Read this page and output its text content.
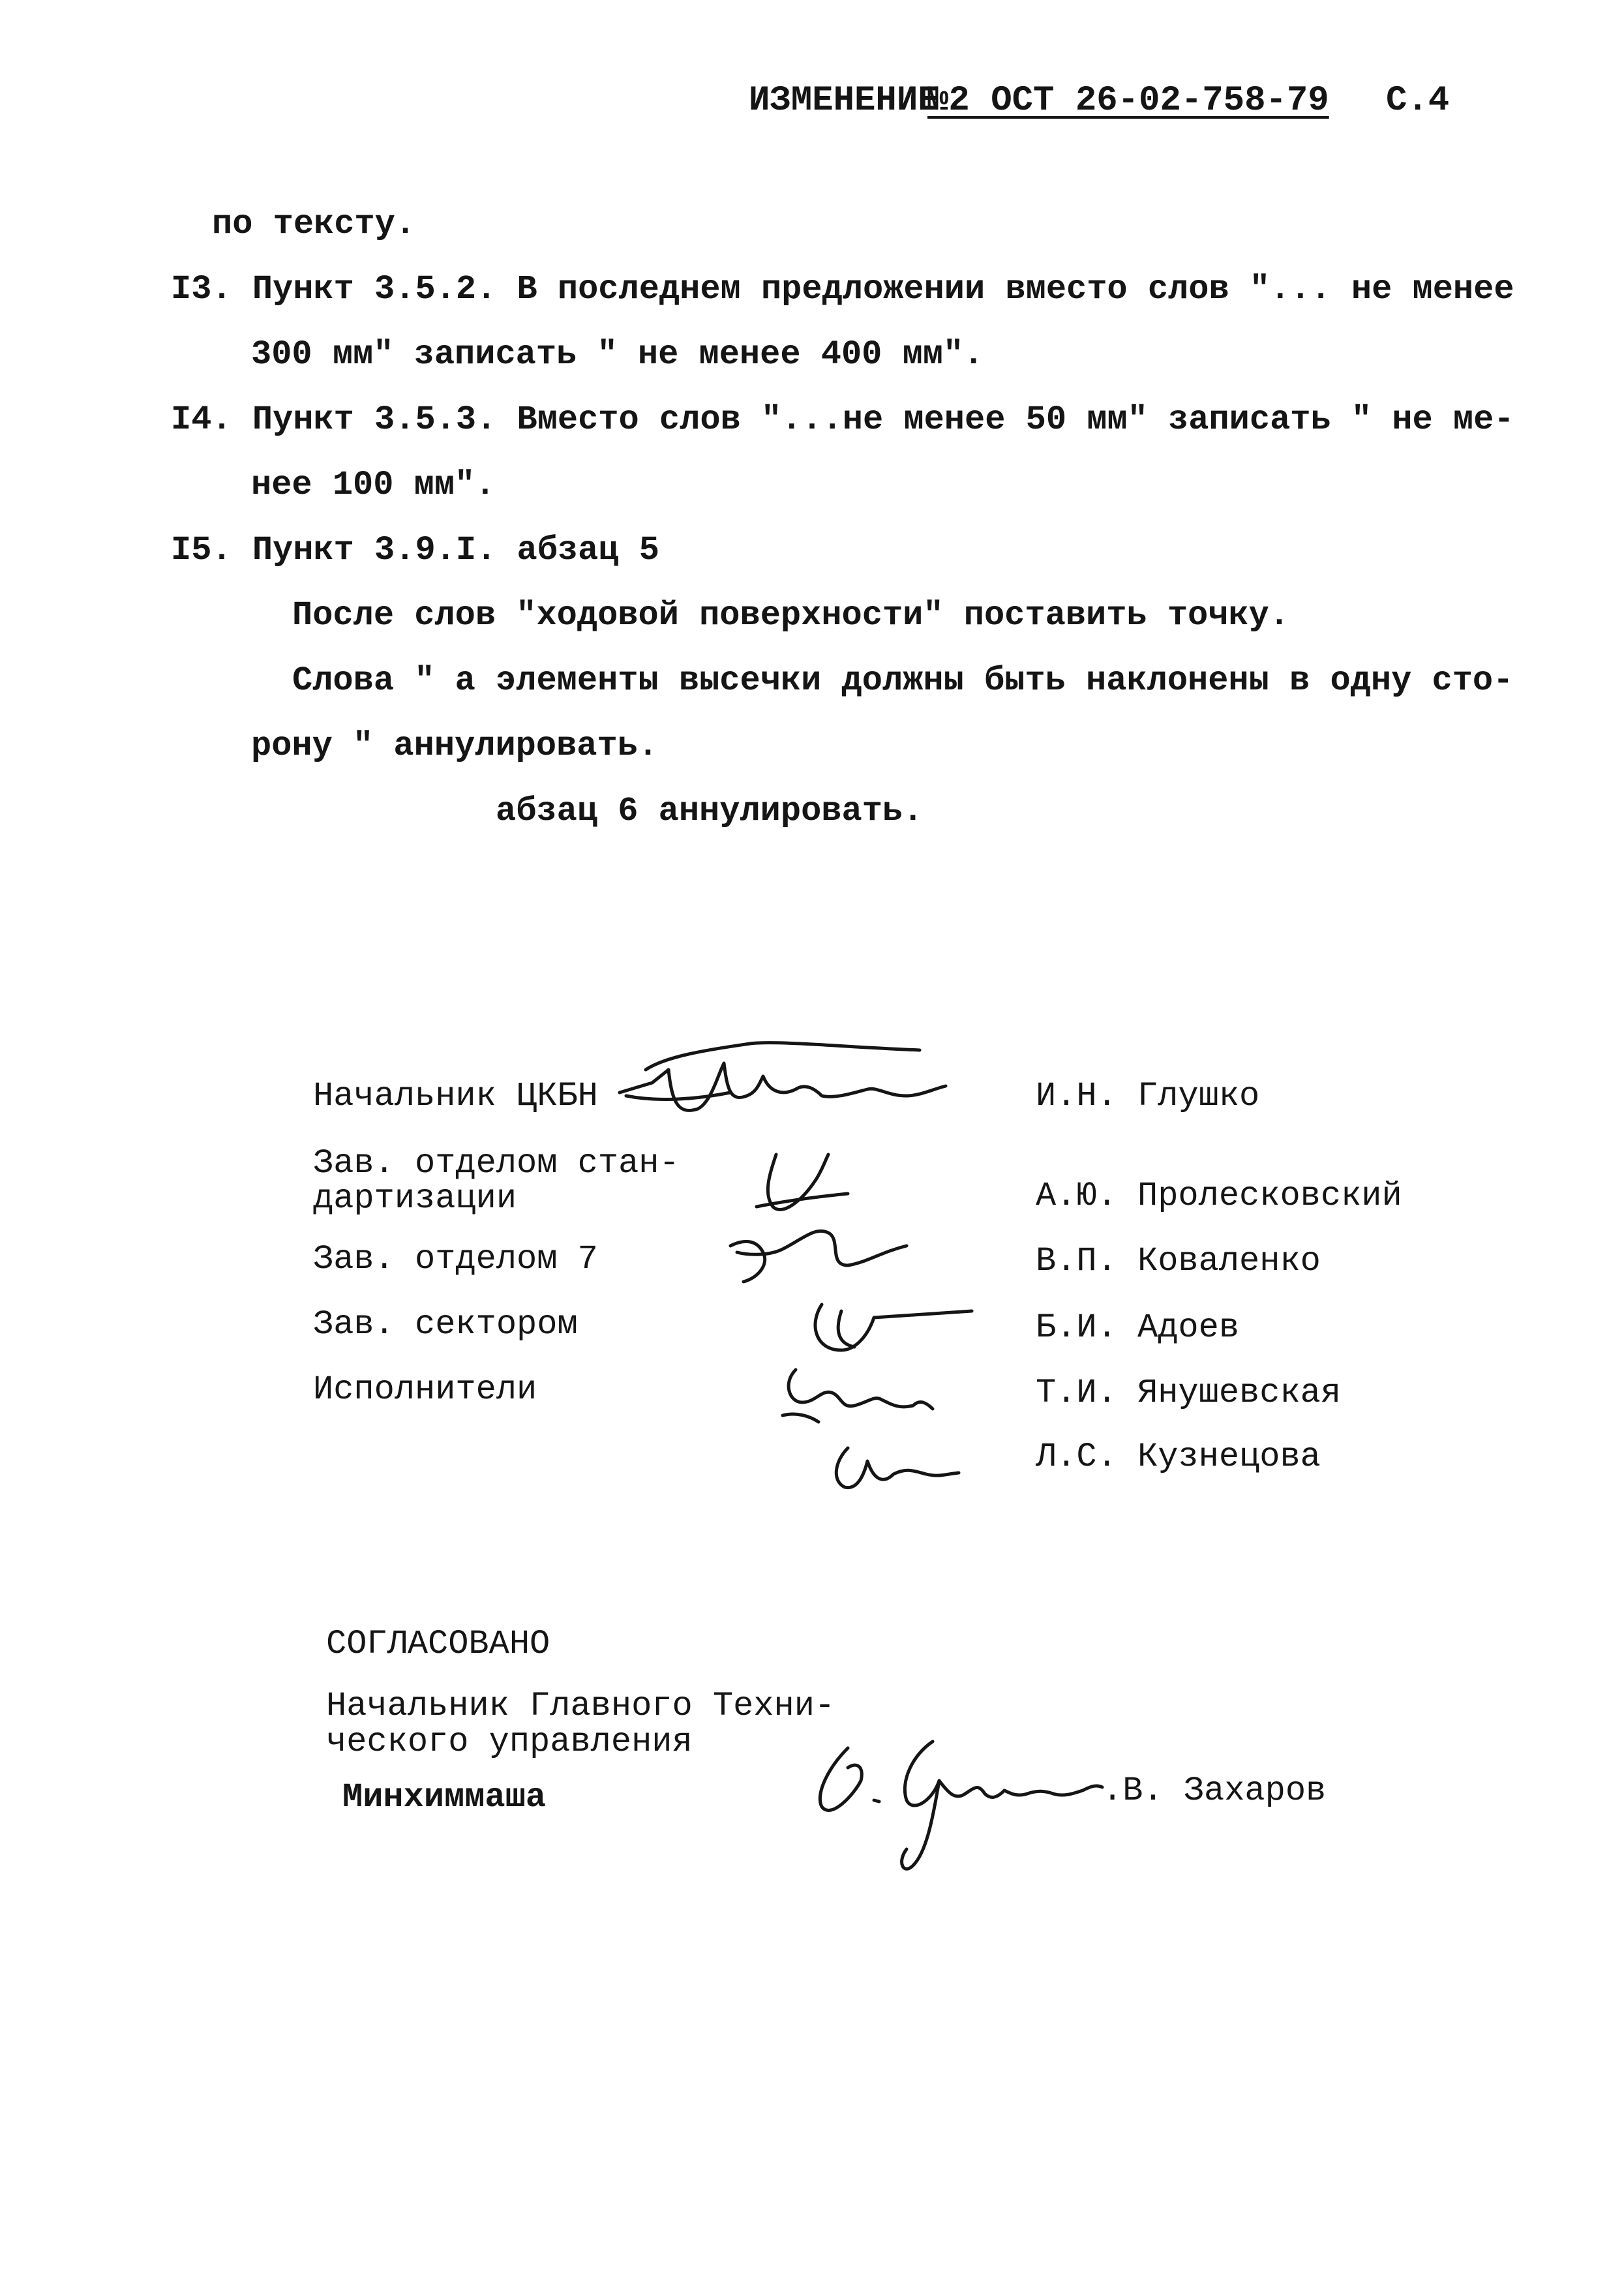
ИЗМЕНЕНИЕ
№2 ОСТ 26-02-758-79 С.4
по тексту.
I3. Пункт 3.5.2. В последнем предложении вместо слов "... не менее
300 мм" записать " не менее 400 мм".
I4. Пункт 3.5.3. Вместо слов "...не менее 50 мм" записать " не ме-
нее 100 мм".
I5. Пункт 3.9.I. абзац 5
После слов "ходовой поверхности" поставить точку.
Слова " а элементы высечки должны быть наклонены в одну сто-
рону " аннулировать.
абзац 6 аннулировать.
Начальник ЦКБН
Зав. отделом стан-
дартизации
Зав. отделом 7
Зав. сектором
Исполнители
И.Н. Глушко
А.Ю. Пролесковский
В.П. Коваленко
Б.И. Адоев
Т.И. Янушевская
Л.С. Кузнецова
СОГЛАСОВАНО
Начальник Главного Техни-
ческого управления
Минхиммаша	.В. Захаров
